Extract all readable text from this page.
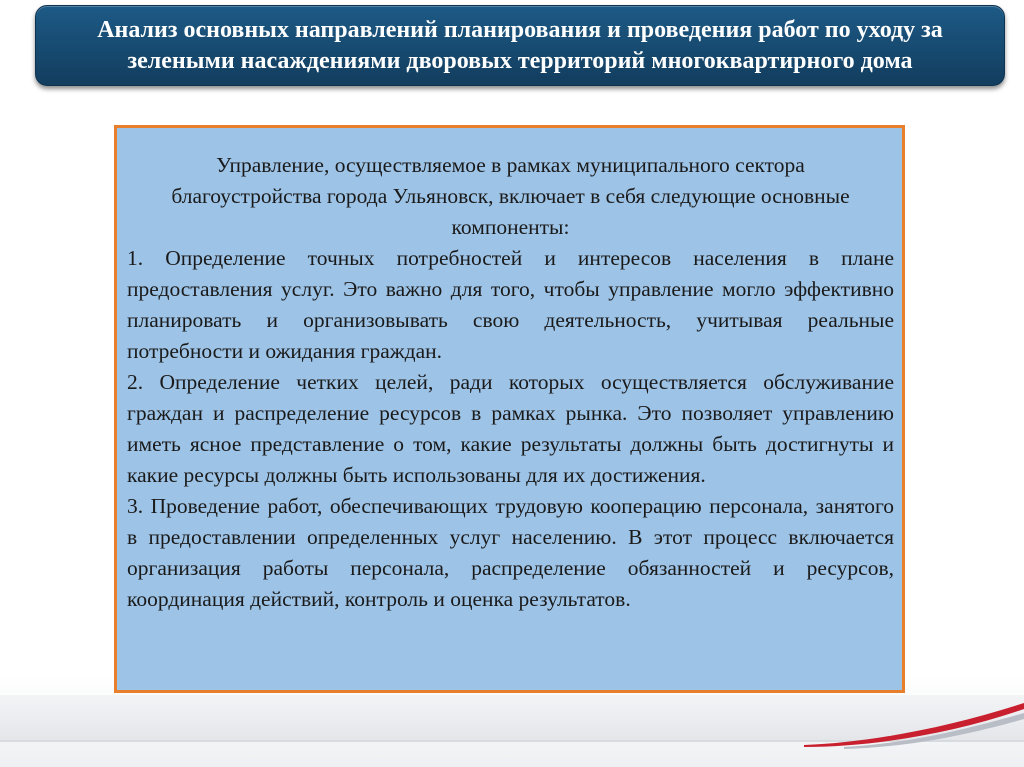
Анализ основных направлений планирования и проведения работ по уходу за зелеными насаждениями дворовых территорий многоквартирного дома

Управление, осуществляемое в рамках муниципального сектора благоустройства города Ульяновск, включает в себя следующие основные компоненты:

1. Определение точных потребностей и интересов населения в плане предоставления услуг. Это важно для того, чтобы управление могло эффективно планировать и организовывать свою деятельность, учитывая реальные потребности и ожидания граждан.

2. Определение четких целей, ради которых осуществляется обслуживание граждан и распределение ресурсов в рамках рынка. Это позволяет управлению иметь ясное представление о том, какие результаты должны быть достигнуты и какие ресурсы должны быть использованы для их достижения.

3. Проведение работ, обеспечивающих трудовую кооперацию персонала, занятого в предоставлении определенных услуг населению. В этот процесс включается организация работы персонала, распределение обязанностей и ресурсов, координация действий, контроль и оценка результатов.
